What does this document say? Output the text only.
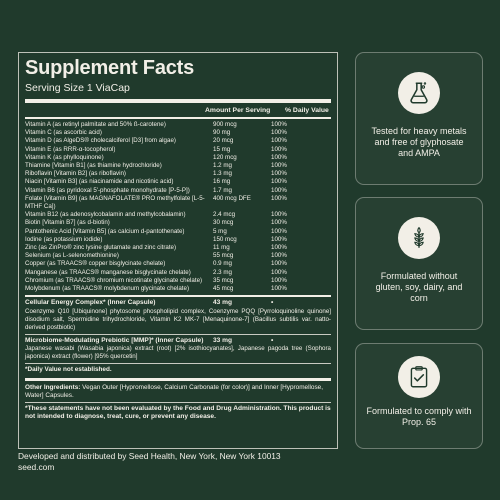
Supplement Facts
Serving Size 1 ViaCap
Amount Per Serving	% Daily Value
Vitamin A (as retinyl palmitate and 50% ß-carotene)	900 mcg	100%
Vitamin C (as ascorbic acid)	90 mg	100%
Vitamin D (as AlgeDS® cholecalciferol [D3] from algae)	20 mcg	100%
Vitamin E (as RRR-α-tocopherol)	15 mg	100%
Vitamin K (as phylloquinone)	120 mcg	100%
Thiamine [Vitamin B1] (as thiamine hydrochloride)	1.2 mg	100%
Riboflavin [Vitamin B2] (as riboflavin)	1.3 mg	100%
Niacin [Vitamin B3] (as niacinamide and nicotinic acid)	16 mg	100%
Vitamin B6 (as pyridoxal 5'-phosphate monohydrate [P-5-P])	1.7 mg	100%
Folate [Vitamin B9] (as MAGNAFOLATE® PRO methylfolate [L-5-MTHF Ca])
400 mcg DFE	100%
Vitamin B12 (as adenosylcobalamin and methylcobalamin)	2.4 mcg	100%
Biotin [Vitamin B7] (as d-biotin)	30 mcg	100%
Pantothenic Acid [Vitamin B5] (as calcium d-pantothenate)	5 mg	100%
Iodine (as potassium iodide)	150 mcg	100%
Zinc (as ZinPro® zinc lysine glutamate and zinc citrate)	11 mg	100%
Selenium (as L-selenomethionine)	55 mcg	100%
Copper (as TRAACS® copper bisglycinate chelate)	0.9 mg	100%
Manganese (as TRAACS® manganese bisglycinate chelate)	2.3 mg	100%
Chromium (as TRAACS® chromium nicotinate glycinate chelate)	35 mcg	100%
Molybdenum (as TRAACS® molybdenum glycinate chelate)	45 mcg	100%
Cellular Energy Complex* (Inner Capsule)	43 mg	•
Coenzyme Q10 [Ubiquinone] phytosome phospholipid complex, Coenzyme PQQ [Pyrroloquinoline quinone] disodium salt, Spermidine trihydrochloride, Vitamin K2 MK-7 [Menaquinone-7] (Bacillus subtilis var. natto-derived postbiotic)
Microbiome-Modulating Prebiotic [MMP]* (Inner Capsule)	33 mg	•
Japanese wasabi (Wasabia japonica) extract (root) [2% isothiocyanates], Japanese pagoda tree (Sophora japonica) extract (flower) [95% quercetin]
*Daily Value not established.
Other Ingredients: Vegan Outer [Hypromellose, Calcium Carbonate (for color)] and Inner [Hypromellose, Water] Capsules.
*These statements have not been evaluated by the Food and Drug Administration. This product is not intended to diagnose, treat, cure, or prevent any disease.
Developed and distributed by Seed Health, New York, New York 10013
seed.com
Tested for heavy metals and free of glyphosate and AMPA
Formulated without gluten, soy, dairy, and corn
Formulated to comply with Prop. 65
